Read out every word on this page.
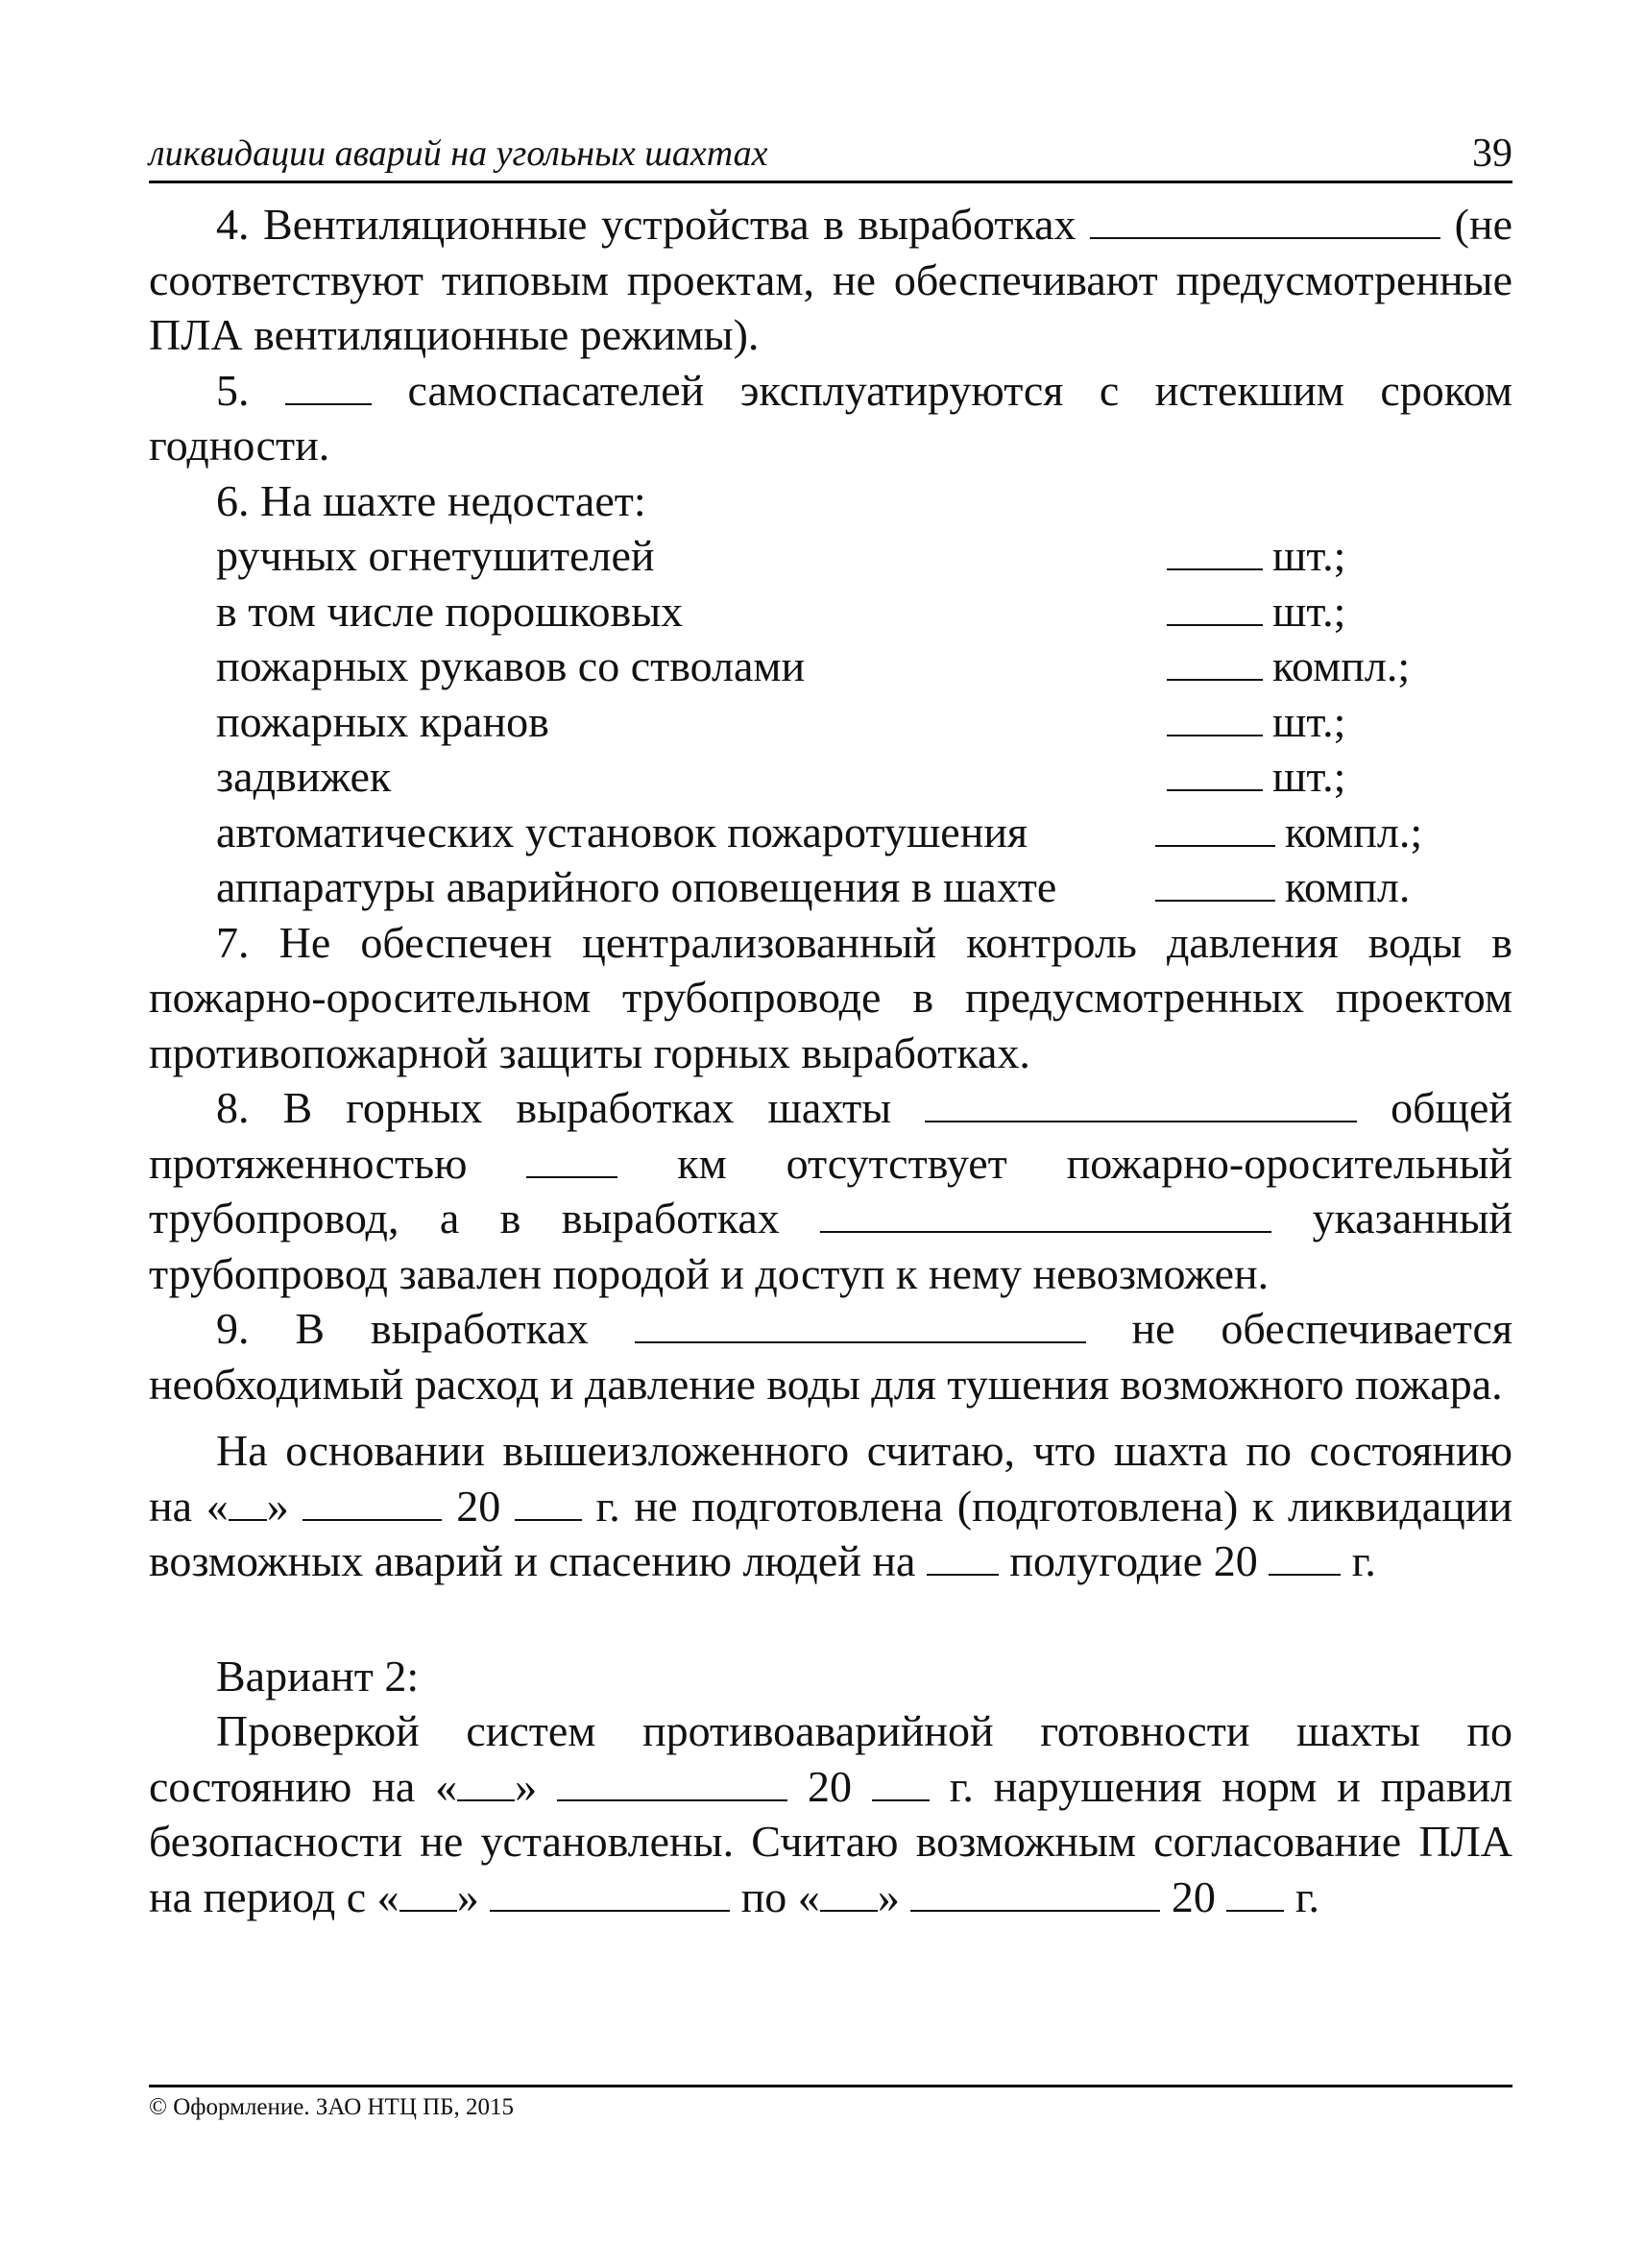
ликвидации аварий на угольных шахтах	39

4. Вентиляционные устройства в выработках	(не соответствуют типовым проектам, не обеспечивают предусмотренные ПЛА вентиляционные режимы).

5.	самоспасателей эксплуатируются с истекшим сроком годности.

6. На шахте недостает:

ручных огнетушителей	шт.;
в том числе порошковых	шт.;
пожарных рукавов со стволами	компл.;
пожарных кранов	шт.;
задвижек	шт.;
автоматических установок пожаротушения	компл.;
аппаратуры аварийного оповещения в шахте	компл.

7. Не обеспечен централизованный контроль давления воды в пожарно-оросительном трубопроводе в предусмотренных проектом противопожарной защиты горных выработках.

8. В горных выработках шахты	общей протяженностью	км отсутствует пожарно-оросительный трубопровод, а в выработках	указанный трубопровод завален породой и доступ к нему невозможен.

9. В выработках	не обеспечивается необходимый расход и давление воды для тушения возможного пожара.

На основании вышеизложенного считаю, что шахта по состоянию на « »	20 г. не подготовлена (подготовлена) к ликвидации возможных аварий и спасению людей на полугодие 20 г.

Вариант 2:

Проверкой систем противоаварийной готовности шахты по состоянию на « »	20 г. нарушения норм и правил безопасности не установлены. Считаю возможным согласование ПЛА на период с « »	по « »	20 г.

© Оформление. ЗАО НТЦ ПБ, 2015
